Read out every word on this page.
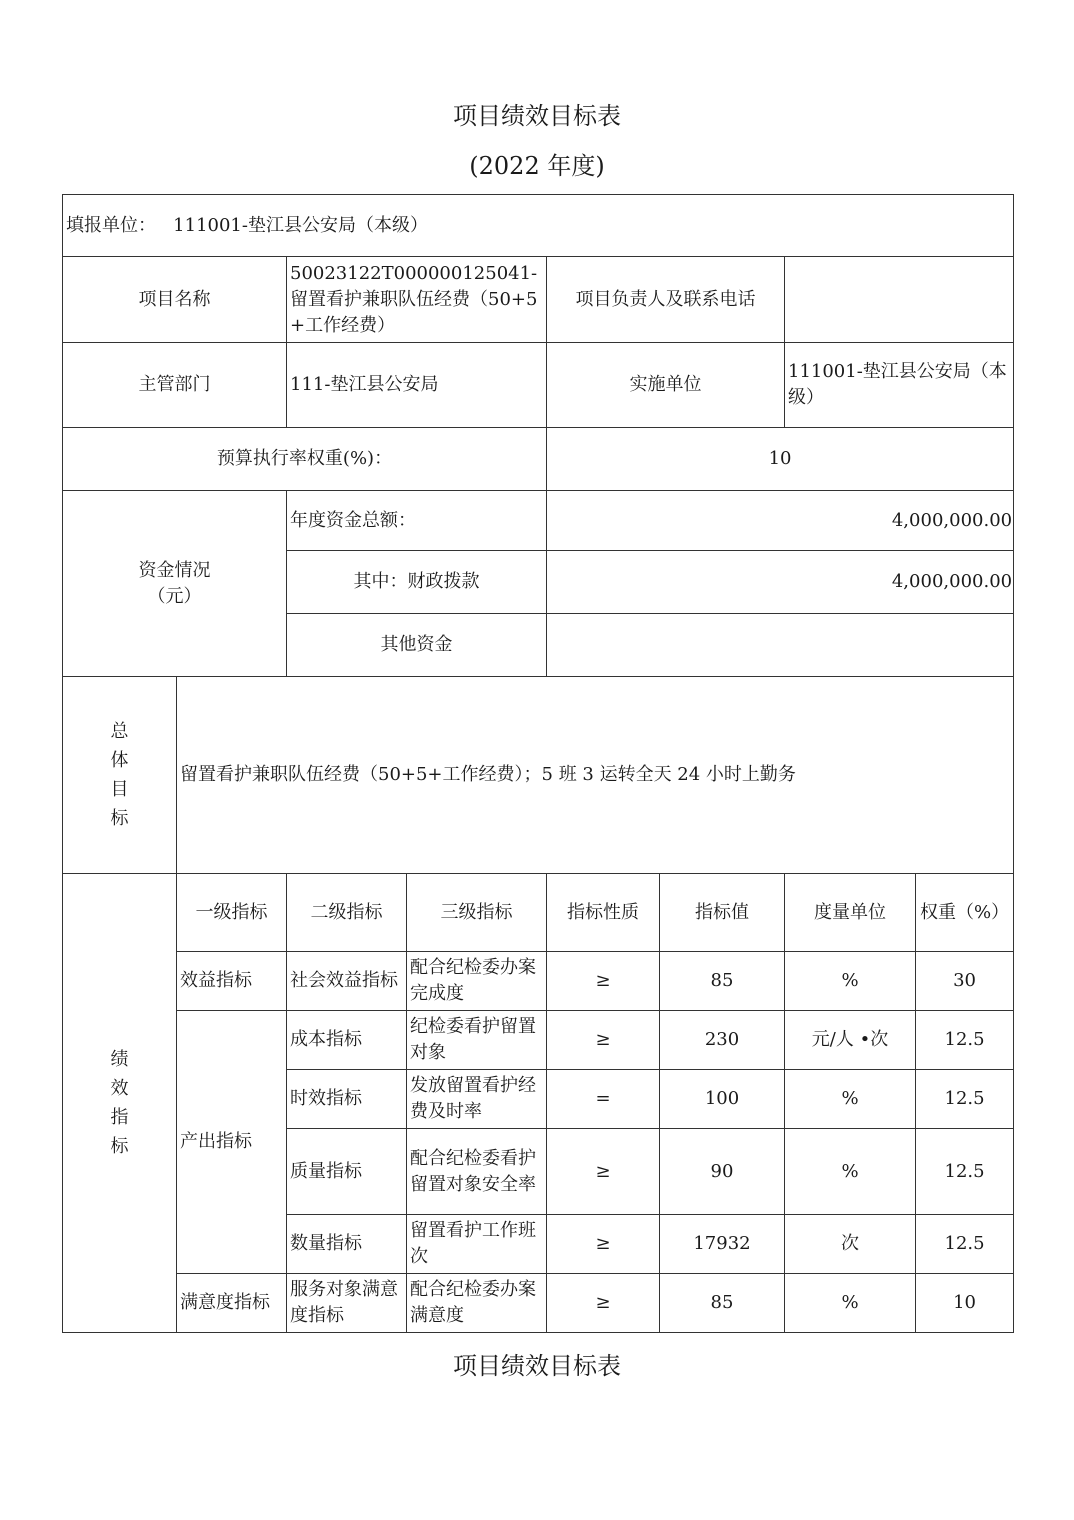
项目绩效目标表
(2022 年度)
填报单位： 111001-垫江县公安局（本级）							
项目名称		50023122T000000125041- 留置看护兼职队伍经费（50+5+工作经费）		项目负责人及联系电话			
主管部门		111-垫江县公安局		实施单位		111001-垫江县公安局（本级）	
预算执行率权重(%)：				10			
资金情况
（元）		年度资金总额：		4,000,000.00			
		其中：财政拨款		4,000,000.00			
		其他资金					
总
体
目
标	留置看护兼职队伍经费（50+5+工作经费）；5 班 3 运转全天 24 小时上勤务						
绩
效
指
标	一级指标	二级指标	三级指标	指标性质	指标值	度量单位	权重（%）
	效益指标	社会效益指标	配合纪检委办案完成度	≥	85	%	30
	产出指标	成本指标	纪检委看护留置对象	≥	230	元/人 •次	12.5
		时效指标	发放留置看护经费及时率	=	100	%	12.5
		质量指标	配合纪检委看护留置对象安全率	≥	90	%	12.5
		数量指标	留置看护工作班次	≥	17932	次	12.5
	满意度指标	服务对象满意度指标	配合纪检委办案满意度	≥	85	%	10
项目绩效目标表
